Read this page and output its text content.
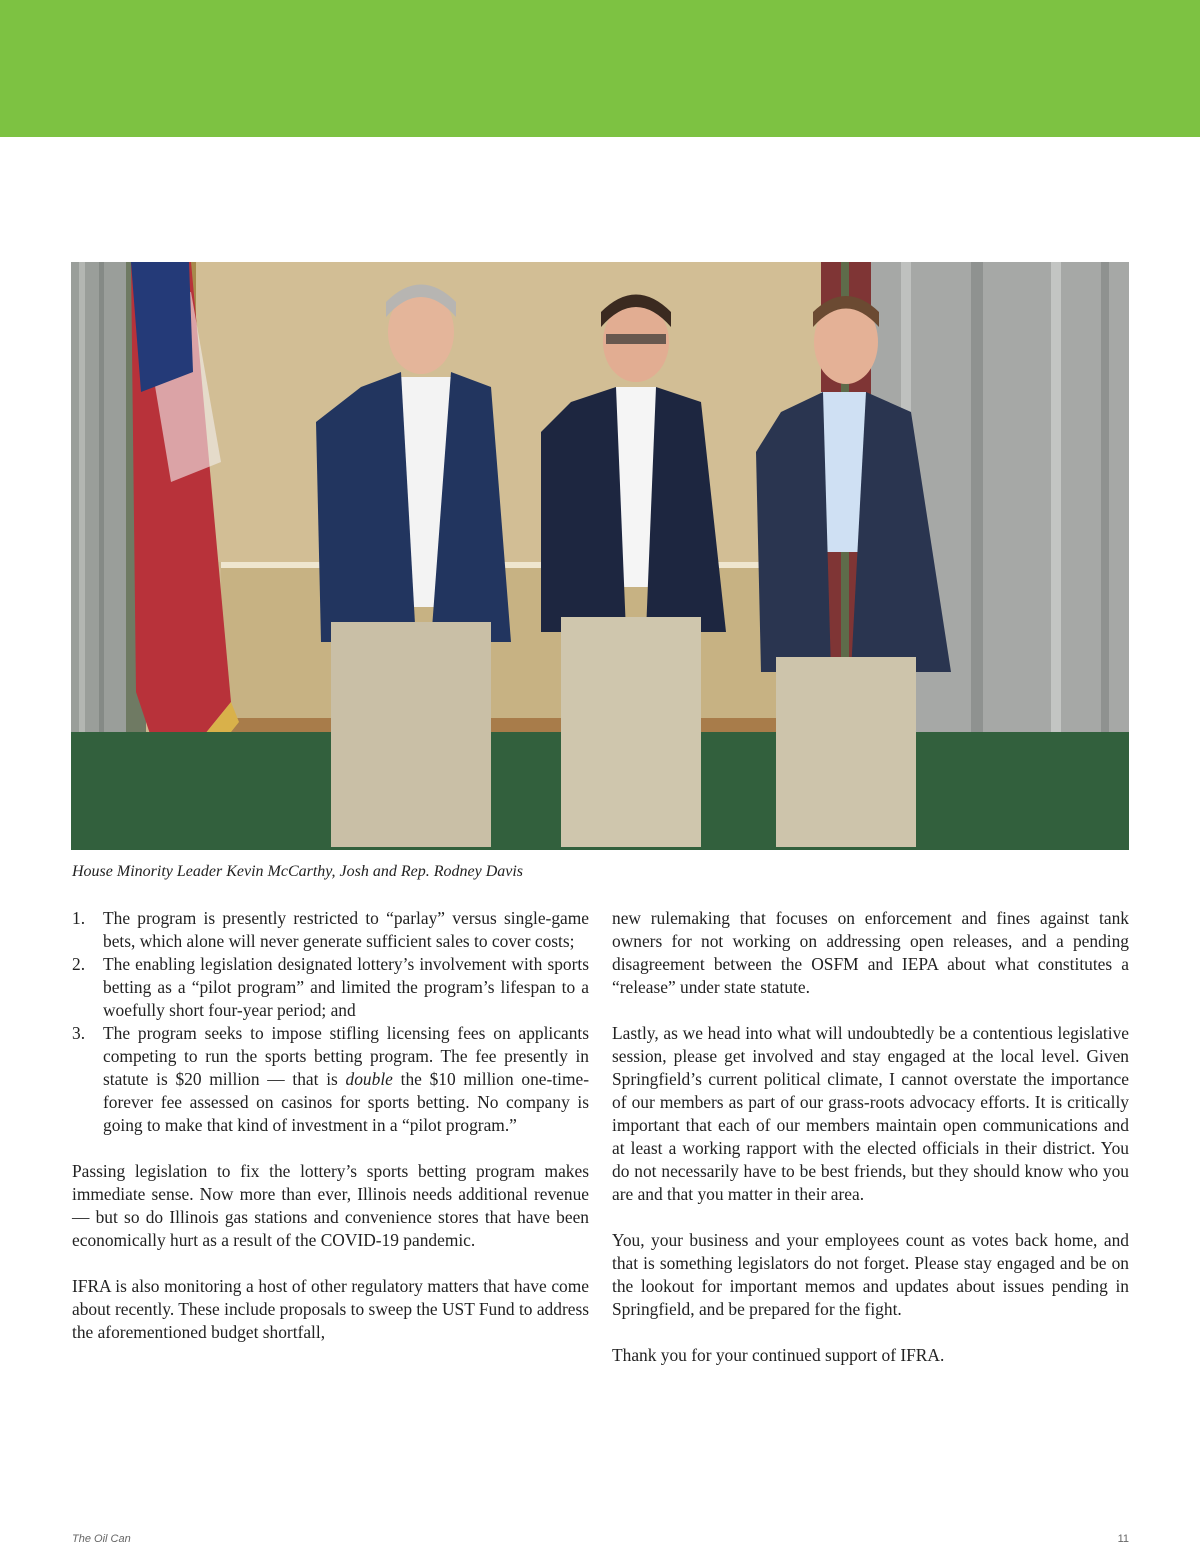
House Minority Leader Kevin McCarthy, Josh and Rep. Rodney Davis
1. The program is presently restricted to “parlay” versus single-game bets, which alone will never generate sufficient sales to cover costs;
2. The enabling legislation designated lottery’s involvement with sports betting as a “pilot program” and limited the program’s lifespan to a woefully short four-year period; and
3. The program seeks to impose stifling licensing fees on applicants competing to run the sports betting program. The fee presently in statute is $20 million — that is double the $10 million one-time-forever fee assessed on casinos for sports betting. No company is going to make that kind of investment in a “pilot program.”

Passing legislation to fix the lottery’s sports betting program makes immediate sense. Now more than ever, Illinois needs additional revenue — but so do Illinois gas stations and convenience stores that have been economically hurt as a result of the COVID-19 pandemic.

IFRA is also monitoring a host of other regulatory matters that have come about recently. These include proposals to sweep the UST Fund to address the aforementioned budget shortfall,

new rulemaking that focuses on enforcement and fines against tank owners for not working on addressing open releases, and a pending disagreement between the OSFM and IEPA about what constitutes a “release” under state statute.

Lastly, as we head into what will undoubtedly be a contentious legislative session, please get involved and stay engaged at the local level. Given Springfield’s current political climate, I cannot overstate the importance of our members as part of our grass-roots advocacy efforts. It is critically important that each of our members maintain open communications and at least a working rapport with the elected officials in their district. You do not necessarily have to be best friends, but they should know who you are and that you matter in their area.

You, your business and your employees count as votes back home, and that is something legislators do not forget. Please stay engaged and be on the lookout for important memos and updates about issues pending in Springfield, and be prepared for the fight.

Thank you for your continued support of IFRA.

The Oil Can	11
